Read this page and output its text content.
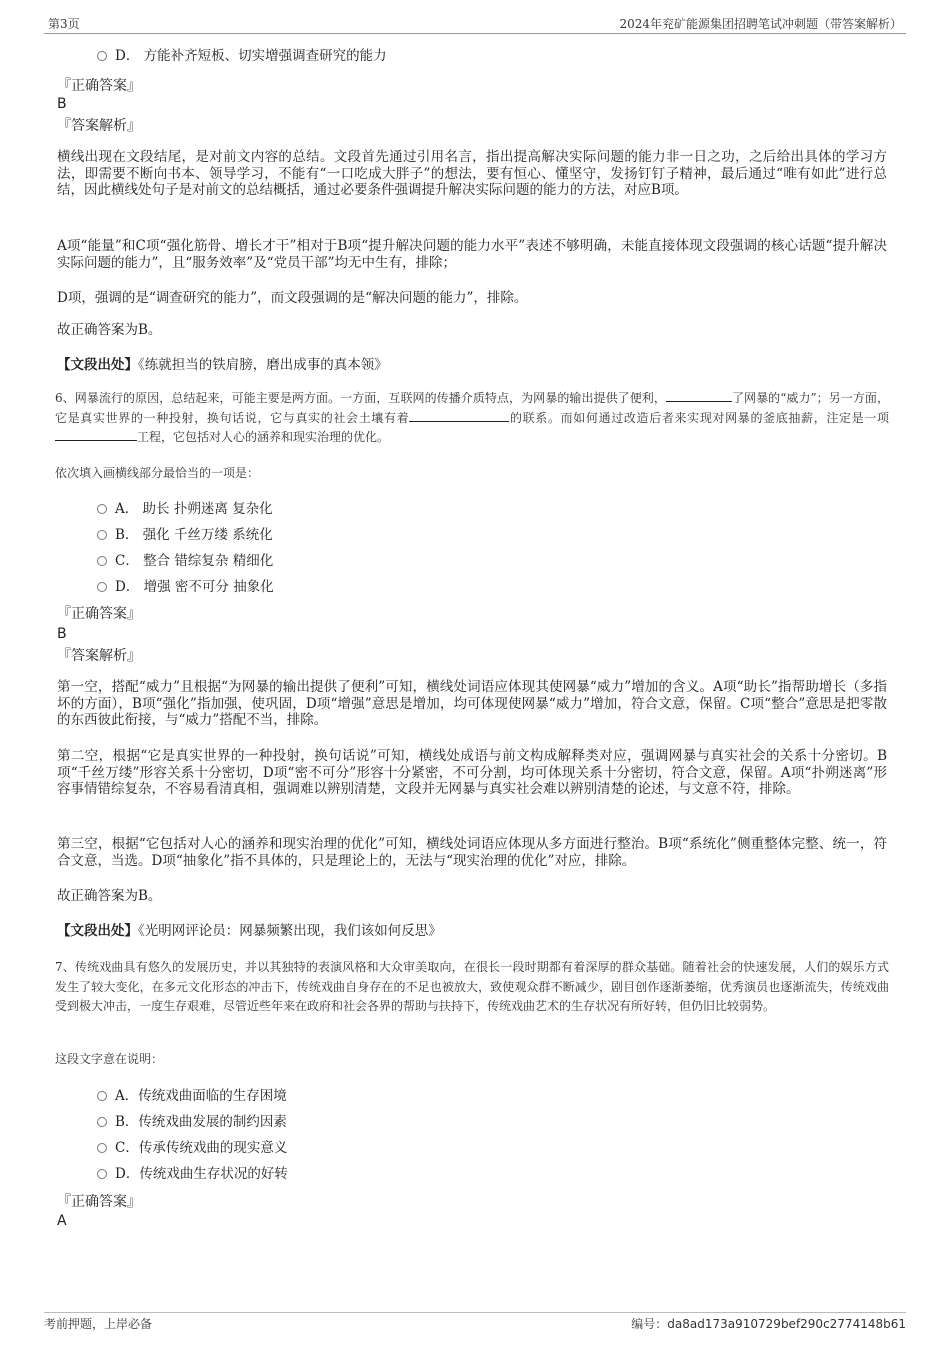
第3页	2024年兖矿能源集团招聘笔试冲刺题（带答案解析）
D． 方能补齐短板、切实增强调查研究的能力
『正确答案』
B
『答案解析』
横线出现在文段结尾，是对前文内容的总结。文段首先通过引用名言，指出提高解决实际问题的能力非一日之功，之后给出具体的学习方法，即需要不断向书本、领导学习，不能有“一口吃成大胖子”的想法，要有恒心、懂坚守，发扬钉钉子精神，最后通过“唯有如此”进行总结，因此横线处句子是对前文的总结概括，通过必要条件强调提升解决实际问题的能力的方法，对应B项。
A项“能量”和C项“强化筋骨、增长才干”相对于B项“提升解决问题的能力水平”表述不够明确，未能直接体现文段强调的核心话题“提升解决实际问题的能力”，且“服务效率”及“党员干部”均无中生有，排除；
D项，强调的是“调查研究的能力”，而文段强调的是“解决问题的能力”，排除。
故正确答案为B。
【文段出处】《练就担当的铁肩膀，磨出成事的真本领》
6、网暴流行的原因，总结起来，可能主要是两方面。一方面，互联网的传播介质特点，为网暴的输出提供了便利，	了网暴的“威力”；另一方面，它是真实世界的一种投射，换句话说，它与真实的社会土壤有着	的联系。而如何通过改造后者来实现对网暴的釜底抽薪，注定是一项工程，它包括对人心的涵养和现实治理的优化。
依次填入画横线部分最恰当的一项是：
A． 助长 扑朔迷离 复杂化
B． 强化 千丝万缕 系统化
C． 整合 错综复杂 精细化
D． 增强 密不可分 抽象化
『正确答案』
B
『答案解析』
第一空，搭配“威力”且根据“为网暴的输出提供了便利”可知，横线处词语应体现其使网暴“威力”增加的含义。A项“助长”指帮助增长（多指坏的方面），B项“强化”指加强，使巩固，D项“增强”意思是增加，均可体现使网暴“威力”增加，符合文意，保留。C项“整合”意思是把零散的东西彼此衔接，与“威力”搭配不当，排除。
第二空，根据“它是真实世界的一种投射，换句话说”可知，横线处成语与前文构成解释类对应，强调网暴与真实社会的关系十分密切。B项“千丝万缕”形容关系十分密切，D项“密不可分”形容十分紧密，不可分割，均可体现关系十分密切，符合文意，保留。A项“扑朔迷离”形容事情错综复杂，不容易看清真相，强调难以辨别清楚，文段并无网暴与真实社会难以辨别清楚的论述，与文意不符，排除。
第三空，根据“它包括对人心的涵养和现实治理的优化”可知，横线处词语应体现从多方面进行整治。B项“系统化”侧重整体完整、统一，符合文意，当选。D项“抽象化”指不具体的，只是理论上的，无法与“现实治理的优化”对应，排除。
故正确答案为B。
【文段出处】《光明网评论员：网暴频繁出现，我们该如何反思》
7、传统戏曲具有悠久的发展历史，并以其独特的表演风格和大众审美取向，在很长一段时期都有着深厚的群众基础。随着社会的快速发展，人们的娱乐方式发生了较大变化，在多元文化形态的冲击下，传统戏曲自身存在的不足也被放大，致使观众群不断减少，剧目创作逐渐萎缩，优秀演员也逐渐流失，传统戏曲受到极大冲击，一度生存艰难，尽管近些年来在政府和社会各界的帮助与扶持下，传统戏曲艺术的生存状况有所好转，但仍旧比较弱势。
这段文字意在说明：
A．传统戏曲面临的生存困境
B．传统戏曲发展的制约因素
C．传承传统戏曲的现实意义
D．传统戏曲生存状况的好转
『正确答案』
A
考前押题，上岸必备	编号：da8ad173a910729bef290c2774148b61
